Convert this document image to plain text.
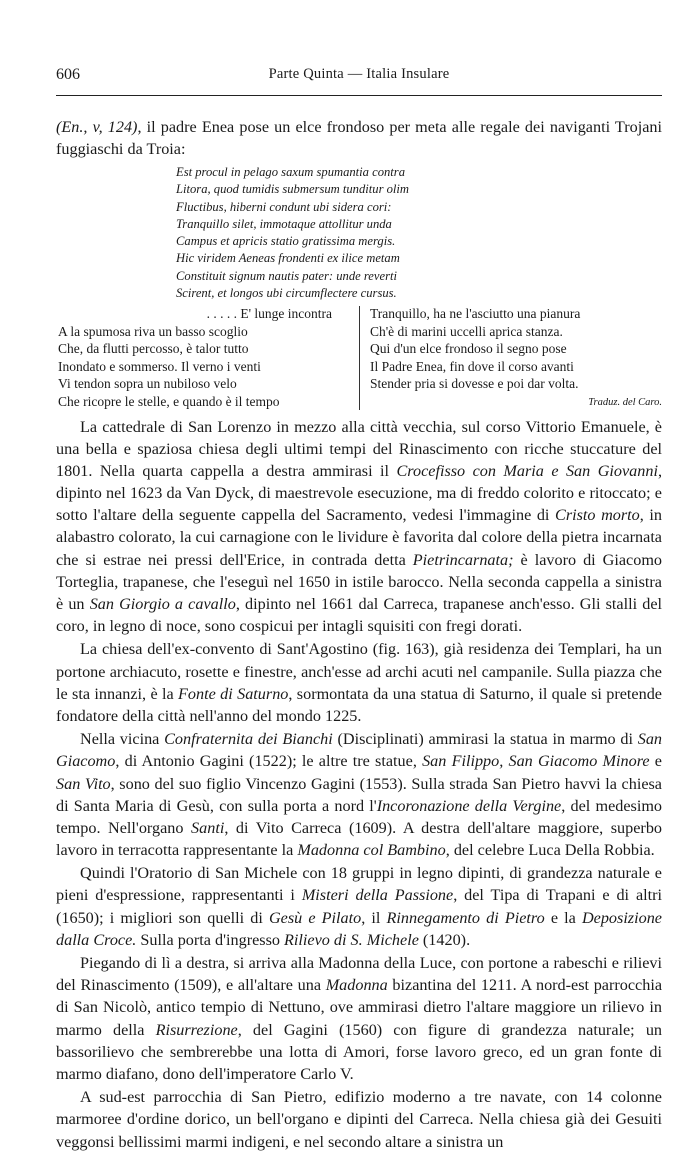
606	Parte Quinta — Italia Insulare
(En., v, 124), il padre Enea pose un elce frondoso per meta alle regale dei naviganti Trojani fuggiaschi da Troia:
Est procul in pelago saxum spumantia contra
Litora, quod tumidis submersum tunditur olim
Fluctibus, hiberni condunt ubi sidera cori:
Tranquillo silet, immotaque attollitur unda
Campus et apricis statio gratissima mergis.
Hic viridem Aeneas frondenti ex ilice metam
Constituit signum nautis pater: unde reverti
Scirent, et longos ubi circumflectere cursus.
. . . . . E' lunge incontra
A la spumosa riva un basso scoglio
Che, da flutti percosso, è talor tutto
Inondato e sommerso. Il verno i venti
Vi tendon sopra un nubiloso velo
Che ricopre le stelle, e quando è il tempo
Tranquillo, ha ne l'asciutto una pianura
Ch'è di marini uccelli aprica stanza.
Qui d'un elce frondoso il segno pose
Il Padre Enea, fin dove il corso avanti
Stender pria si dovesse e poi dar volta.
Traduz. del Caro.

La cattedrale di San Lorenzo in mezzo alla città vecchia, sul corso Vittorio Emanuele, è una bella e spaziosa chiesa degli ultimi tempi del Rinascimento con ricche stuccature del 1801. Nella quarta cappella a destra ammirasi il Crocefisso con Maria e San Giovanni, dipinto nel 1623 da Van Dyck, di maestrevole esecuzione, ma di freddo colorito e ritoccato; e sotto l'altare della seguente cappella del Sacramento, vedesi l'immagine di Cristo morto, in alabastro colorato, la cui carnagione con le lividure è favorita dal colore della pietra incarnata che si estrae nei pressi dell'Erice, in contrada detta Pietrincarnata; è lavoro di Giacomo Torteglia, trapanese, che l'eseguì nel 1650 in istile barocco. Nella seconda cappella a sinistra è un San Giorgio a cavallo, dipinto nel 1661 dal Carreca, trapanese anch'esso. Gli stalli del coro, in legno di noce, sono cospicui per intagli squisiti con fregi dorati.

La chiesa dell'ex-convento di Sant'Agostino (fig. 163), già residenza dei Templari, ha un portone archiacuto, rosette e finestre, anch'esse ad archi acuti nel campanile. Sulla piazza che le sta innanzi, è la Fonte di Saturno, sormontata da una statua di Saturno, il quale si pretende fondatore della città nell'anno del mondo 1225.

Nella vicina Confraternita dei Bianchi (Disciplinati) ammirasi la statua in marmo di San Giacomo, di Antonio Gagini (1522); le altre tre statue, San Filippo, San Giacomo Minore e San Vito, sono del suo figlio Vincenzo Gagini (1553). Sulla strada San Pietro havvi la chiesa di Santa Maria di Gesù, con sulla porta a nord l'Incoronazione della Vergine, del medesimo tempo. Nell'organo Santi, di Vito Carreca (1609). A destra dell'altare maggiore, superbo lavoro in terracotta rappresentante la Madonna col Bambino, del celebre Luca Della Robbia.

Quindi l'Oratorio di San Michele con 18 gruppi in legno dipinti, di grandezza naturale e pieni d'espressione, rappresentanti i Misteri della Passione, del Tipa di Trapani e di altri (1650); i migliori son quelli di Gesù e Pilato, il Rinnegamento di Pietro e la Deposizione dalla Croce. Sulla porta d'ingresso Rilievo di S. Michele (1420).

Piegando di lì a destra, si arriva alla Madonna della Luce, con portone a rabeschi e rilievi del Rinascimento (1509), e all'altare una Madonna bizantina del 1211. A nord-est parrocchia di San Nicolò, antico tempio di Nettuno, ove ammirasi dietro l'altare maggiore un rilievo in marmo della Risurrezione, del Gagini (1560) con figure di grandezza naturale; un bassorilievo che sembrerebbe una lotta di Amori, forse lavoro greco, ed un gran fonte di marmo diafano, dono dell'imperatore Carlo V.

A sud-est parrocchia di San Pietro, edifizio moderno a tre navate, con 14 colonne marmoree d'ordine dorico, un bell'organo e dipinti del Carreca. Nella chiesa già dei Gesuiti veggonsi bellissimi marmi indigeni, e nel secondo altare a sinistra un
